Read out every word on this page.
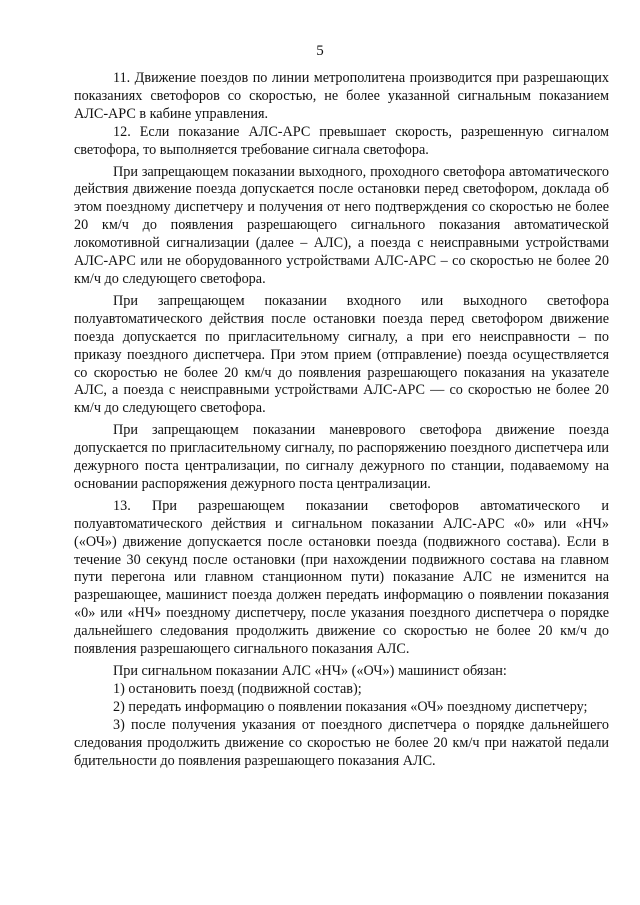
5

11. Движение поездов по линии метрополитена производится при разрешающих показаниях светофоров со скоростью, не более указанной сигнальным показанием АЛС-АРС в кабине управления.

12. Если показание АЛС-АРС превышает скорость, разрешенную сигналом светофора, то выполняется требование сигнала светофора.

При запрещающем показании выходного, проходного светофора автоматического действия движение поезда допускается после остановки перед светофором, доклада об этом поездному диспетчеру и получения от него подтверждения со скоростью не более 20 км/ч до появления разрешающего сигнального показания автоматической локомотивной сигнализации (далее – АЛС), а поезда с неисправными устройствами АЛС-АРС или не оборудованного устройствами АЛС-АРС – со скоростью не более 20 км/ч до следующего светофора.

При запрещающем показании входного или выходного светофора полуавтоматического действия после остановки поезда перед светофором движение поезда допускается по пригласительному сигналу, а при его неисправности – по приказу поездного диспетчера. При этом прием (отправление) поезда осуществляется со скоростью не более 20 км/ч до появления разрешающего показания на указателе АЛС, а поезда с неисправными устройствами АЛС-АРС — со скоростью не более 20 км/ч до следующего светофора.

При запрещающем показании маневрового светофора движение поезда допускается по пригласительному сигналу, по распоряжению поездного диспетчера или дежурного поста централизации, по сигналу дежурного по станции, подаваемому на основании распоряжения дежурного поста централизации.

13. При разрешающем показании светофоров автоматического и полуавтоматического действия и сигнальном показании АЛС-АРС «0» или «НЧ» («ОЧ») движение допускается после остановки поезда (подвижного состава). Если в течение 30 секунд после остановки (при нахождении подвижного состава на главном пути перегона или главном станционном пути) показание АЛС не изменится на разрешающее, машинист поезда должен передать информацию о появлении показания «0» или «НЧ» поездному диспетчеру, после указания поездного диспетчера о порядке дальнейшего следования продолжить движение со скоростью не более 20 км/ч до появления разрешающего сигнального показания АЛС.

При сигнальном показании АЛС «НЧ» («ОЧ») машинист обязан:

1) остановить поезд (подвижной состав);

2) передать информацию о появлении показания «ОЧ» поездному диспетчеру;

3) после получения указания от поездного диспетчера о порядке дальнейшего следования продолжить движение со скоростью не более 20 км/ч при нажатой педали бдительности до появления разрешающего показания АЛС.
